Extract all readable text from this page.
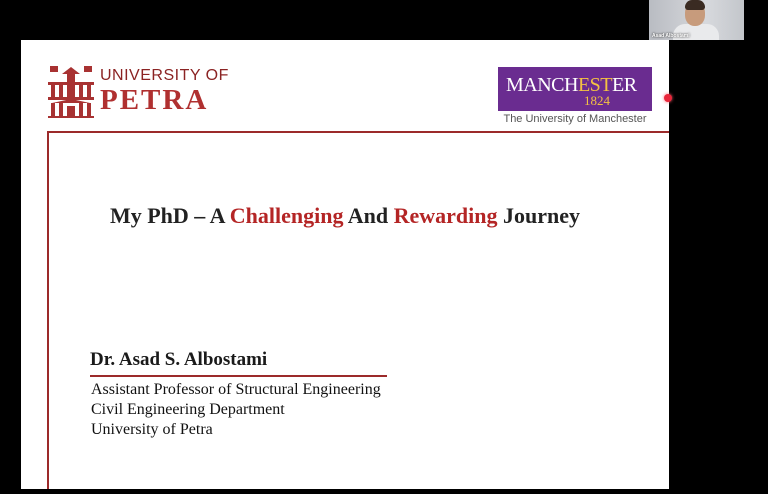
Asad Albostami
UNIVERSITY OF
PETRA	MANCHESTER
1824
The University of Manchester
My PhD – A Challenging And Rewarding Journey
Dr. Asad S. Albostami
Assistant Professor of Structural Engineering
Civil Engineering Department
University of Petra
